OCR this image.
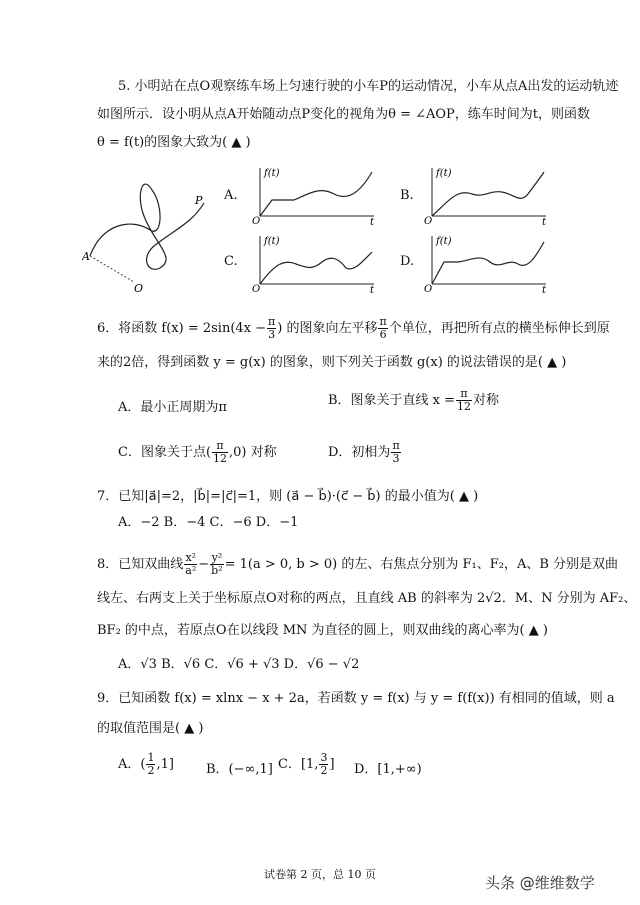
5. 小明站在点O观察练车场上匀速行驶的小车P的运动情况，小车从点A出发的运动轨迹
如图所示．设小明从点A开始随动点P变化的视角为θ = ∠AOP，练车时间为t，则函数
θ = f(t)的图象大致为( ▲ )
P
A
O
A.
f(t)
O	t
B.
f(t)
O	t
C.
f(t)
O	t
D.
f(t)
O	t
6．将函数 $f(x) = 2\sin(4x - \frac{\pi}{3}$ ) 的图象向左平移 $\frac{\pi}{6}$ 个单位，再把所有点的横坐标伸长到原
来的2倍，得到函数 y = g(x) 的图象，则下列关于函数 g(x) 的说法错误的是( ▲ )
A．最小正周期为π	B．图象关于直线 $x = \frac{\pi}{12}$ 对称
C．图象关于点( $\frac{\pi}{12} ,0$) 对称	D．初相为 $\frac{\pi}{3}$
7．已知|a⃗|=2，|b⃗|=|c⃗|=1，则 (a⃗ − b⃗)·(c⃗ − b⃗) 的最小值为( ▲ )
A．−2 B．−4 C．−6 D．−1
8．已知双曲线 $\frac{\text{x²}}{\text{a²}} - \frac{\text{y²}}{\text{b²}} = 1(a > 0$, b > 0) 的左、右焦点分别为 F₁、F₂，A、B 分别是双曲
线左、右两支上关于坐标原点O对称的两点，且直线 AB 的斜率为 2√2．M、N 分别为 AF₂、
BF₂ 的中点，若原点O在以线段 MN 为直径的圆上，则双曲线的离心率为( ▲ )
A．√3 B．√6 C．√6 + √3 D．√6 − √2
9．已知函数 f(x) = xlnx − x + 2a，若函数 y = f(x) 与 y = f(f(x)) 有相同的值域，则 a
的取值范围是( ▲ )
A．( $\frac{1}{2} ,1$] B．(−∞,1] C．[1, $\frac{3}{2}$ ] D．[1,+∞)
试卷第 2 页，总 10 页	头条 @维维数学
